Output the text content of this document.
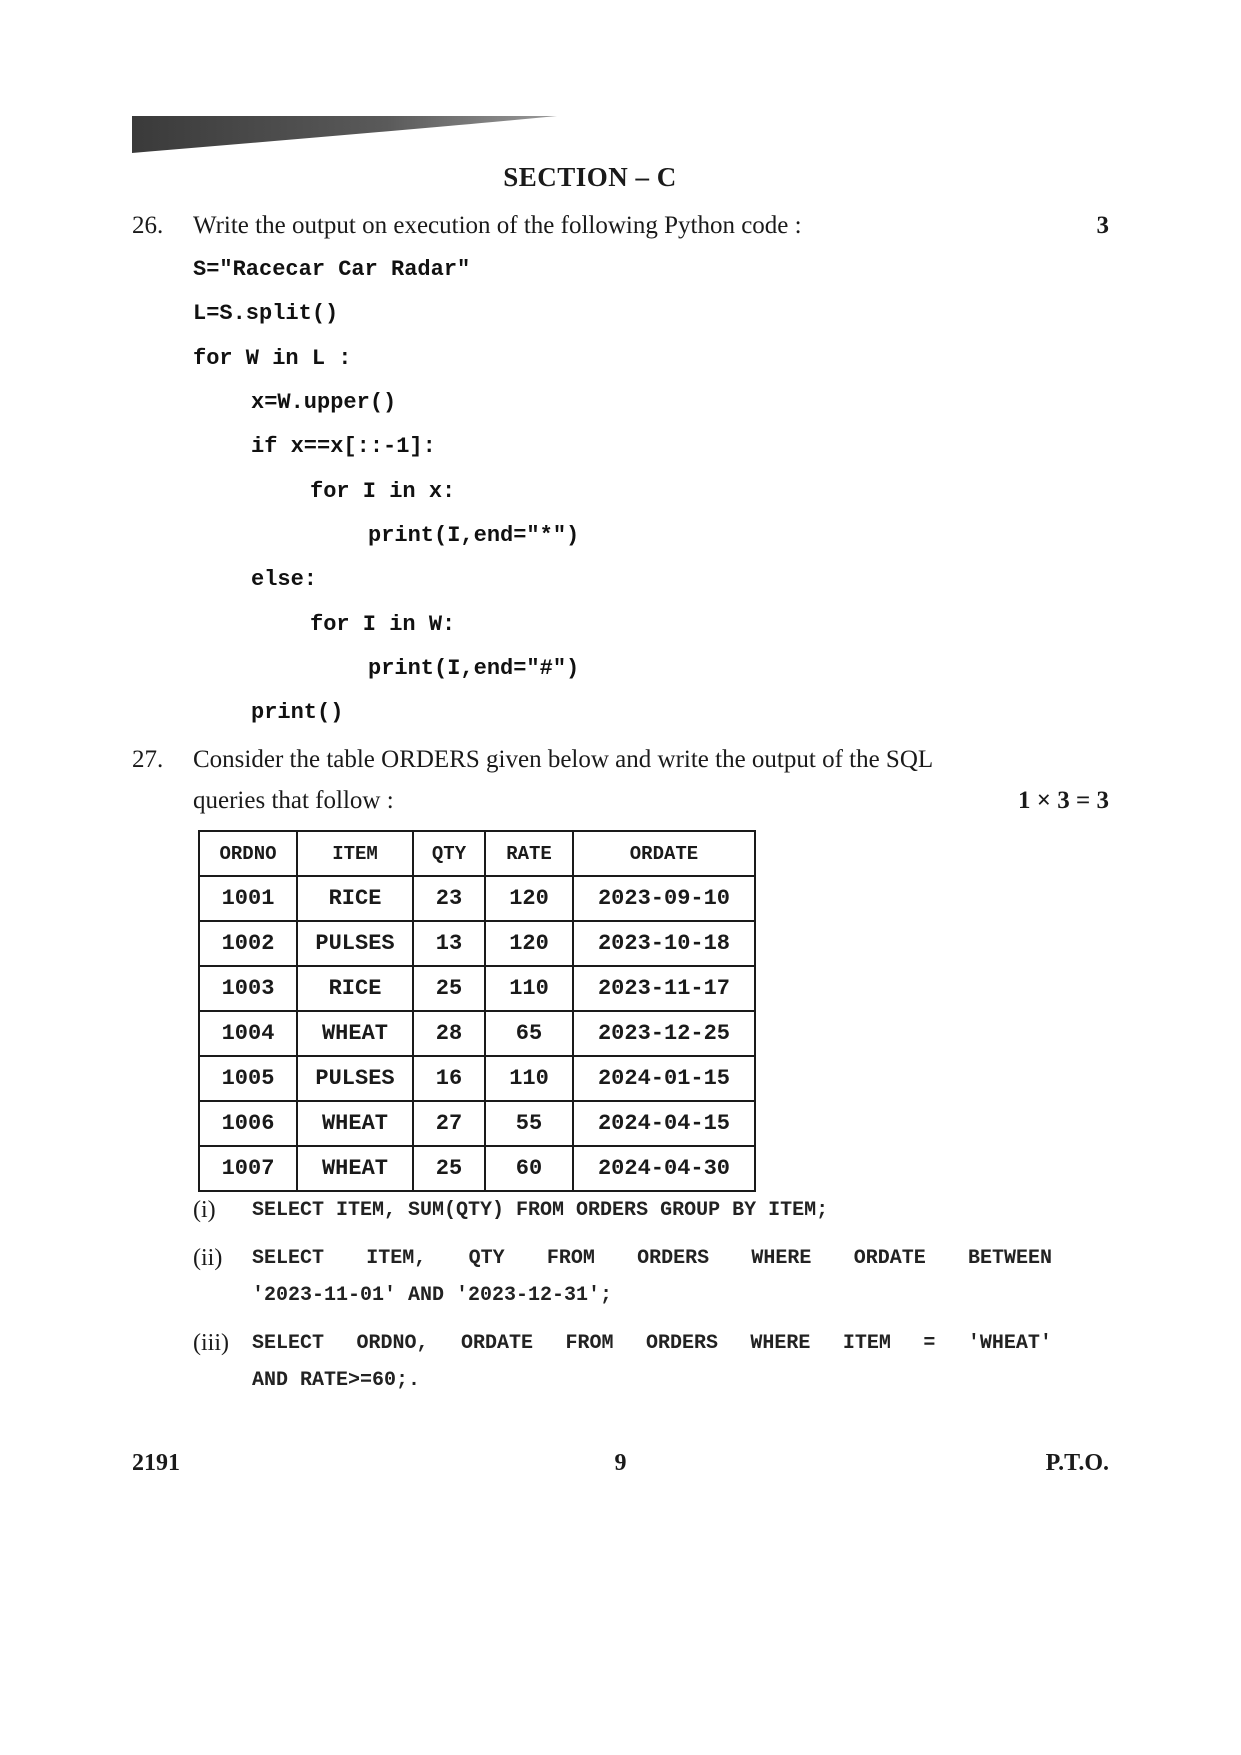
SECTION – C
26. Write the output on execution of the following Python code :	3
S="Racecar Car Radar"
L=S.split()
for W in L :
x=W.upper()
if x==x[::-1]:
for I in x:
print(I,end="*")
else:
for I in W:
print(I,end="#")
print()
27. Consider the table ORDERS given below and write the output of the SQL
queries that follow :	1 × 3 = 3
ORDNO	ITEM	QTY	RATE	ORDATE
1001	RICE	23	120	2023-09-10
1002	PULSES	13	120	2023-10-18
1003	RICE	25	110	2023-11-17
1004	WHEAT	28	65	2023-12-25
1005	PULSES	16	110	2024-01-15
1006	WHEAT	27	55	2024-04-15
1007	WHEAT	25	60	2024-04-30
(i) SELECT ITEM, SUM(QTY) FROM ORDERS GROUP BY ITEM;
(ii) SELECT ITEM, QTY FROM ORDERS WHERE ORDATE BETWEEN
'2023-11-01' AND '2023-12-31';
(iii) SELECT ORDNO, ORDATE FROM ORDERS WHERE ITEM = 'WHEAT'
AND RATE>=60;.
2191	9	P.T.O.
